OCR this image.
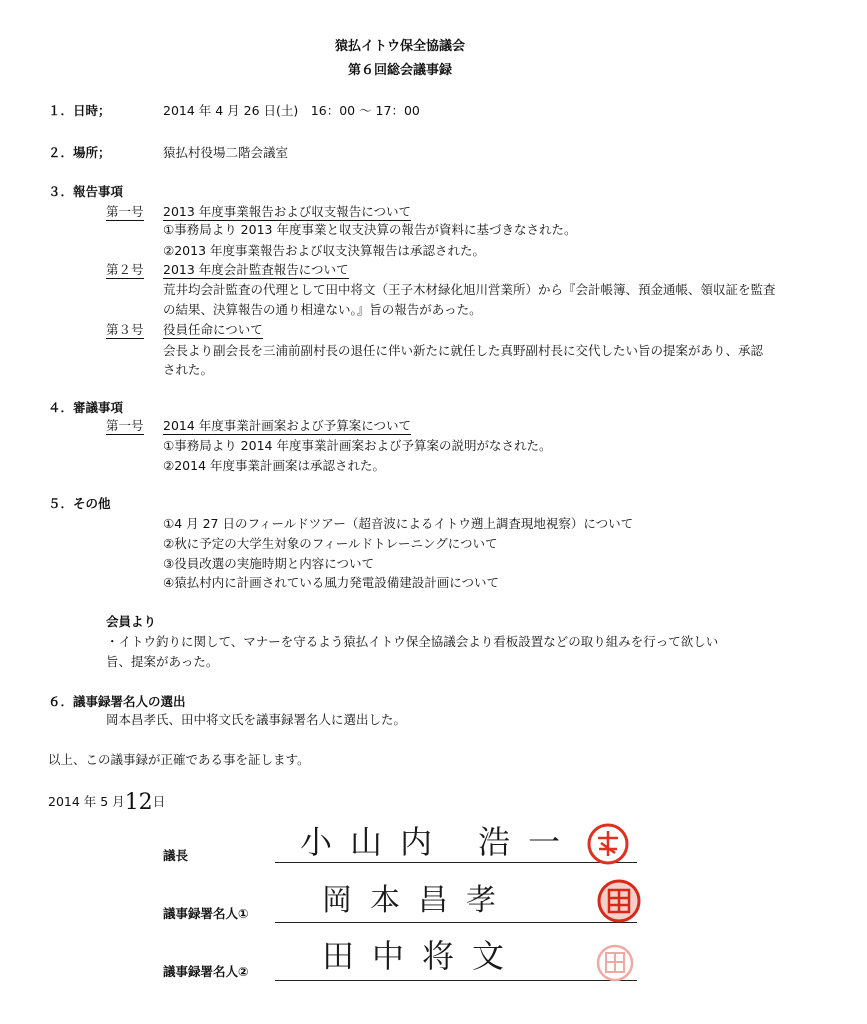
猿払イトウ保全協議会
第６回総会議事録
１．日時；	2014 年 4 月 26 日(土)　16：00 ～ 17：00
２．場所；	猿払村役場二階会議室
３．報告事項
第一号 2013 年度事業報告および収支報告について
①事務局より 2013 年度事業と収支決算の報告が資料に基づきなされた。
②2013 年度事業報告および収支決算報告は承認された。
第２号 2013 年度会計監査報告について
荒井均会計監査の代理として田中将文（王子木材緑化旭川営業所）から『会計帳簿、預金通帳、領収証を監査
の結果、決算報告の通り相違ない。』旨の報告があった。
第３号 役員任命について
会長より副会長を三浦前副村長の退任に伴い新たに就任した真野副村長に交代したい旨の提案があり、承認
された。
４．審議事項
第一号 2014 年度事業計画案および予算案について
①事務局より 2014 年度事業計画案および予算案の説明がなされた。
②2014 年度事業計画案は承認された。
５．その他
①4 月 27 日のフィールドツアー（超音波によるイトウ遡上調査現地視察）について
②秋に予定の大学生対象のフィールドトレーニングについて
③役員改選の実施時期と内容について
④猿払村内に計画されている風力発電設備建設計画について
会員より
・イトウ釣りに関して、マナーを守るよう猿払イトウ保全協議会より看板設置などの取り組みを行って欲しい
旨、提案があった。
６．議事録署名人の選出
岡本昌孝氏、田中将文氏を議事録署名人に選出した。
以上、この議事録が正確である事を証します。
2014 年 5 月12日
議長	小山内 浩一
議事録署名人① 岡本昌孝
議事録署名人② 田中将文
